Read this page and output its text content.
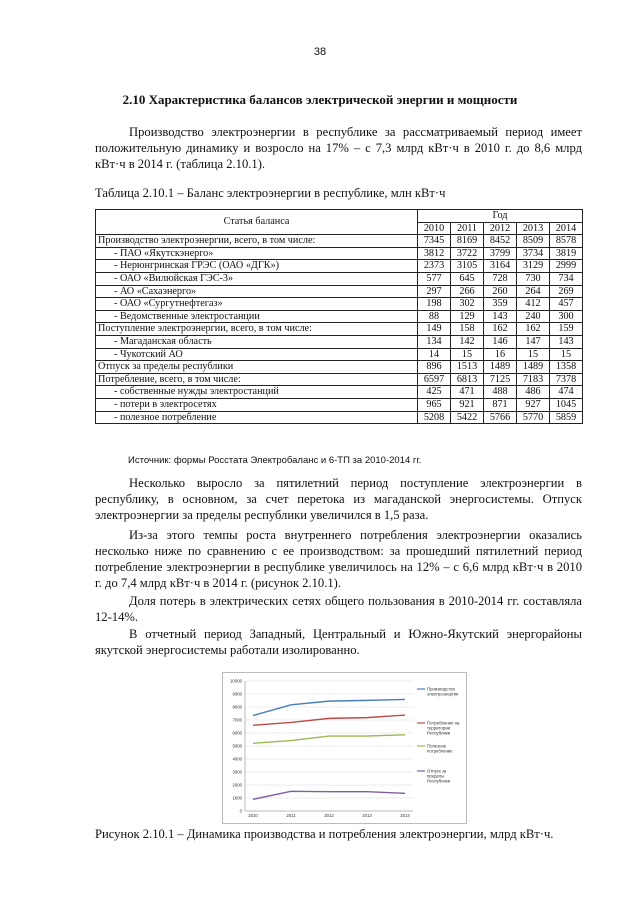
38
2.10 Характеристика балансов электрической энергии и мощности
Производство электроэнергии в республике за рассматриваемый период имеет положительную динамику и возросло на 17% – с 7,3 млрд кВт·ч в 2010 г. до 8,6 млрд кВт·ч в 2014 г. (таблица 2.10.1).
Таблица 2.10.1 – Баланс электроэнергии в республике, млн кВт·ч
Статья баланса	Год				
	2010	2011	2012	2013	2014
Производство электроэнергии, всего, в том числе:	7345	8169	8452	8509	8578
- ПАО «Якутскэнерго»	3812	3722	3799	3734	3819
- Нерюнгринская ГРЭС (ОАО «ДГК»)	2373	3105	3164	3129	2999
- ОАО «Вилюйская ГЭС-3»	577	645	728	730	734
- АО «Сахаэнерго»	297	266	260	264	269
- ОАО «Сургутнефтегаз»	198	302	359	412	457
- Ведомственные электростанции	88	129	143	240	300
Поступление электроэнергии, всего, в том числе:	149	158	162	162	159
- Магаданская область	134	142	146	147	143
- Чукотский АО	14	15	16	15	15
Отпуск за пределы республики	896	1513	1489	1489	1358
Потребление, всего, в том числе:	6597	6813	7125	7183	7378
- собственные нужды электростанций	425	471	488	486	474
- потери в электросетях	965	921	871	927	1045
- полезное потребление	5208	5422	5766	5770	5859
Источник: формы Росстата Электробаланс и 6-ТП за 2010-2014 гг.
Несколько выросло за пятилетний период поступление электроэнергии в республику, в основном, за счет перетока из магаданской энергосистемы. Отпуск электроэнергии за пределы республики увеличился в 1,5 раза.
Из-за этого темпы роста внутреннего потребления электроэнергии оказались несколько ниже по сравнению с ее производством: за прошедший пятилетний период потребление электроэнергии в республике увеличилось на 12% – с 6,6 млрд кВт·ч в 2010 г. до 7,4 млрд кВт·ч в 2014 г. (рисунок 2.10.1).
Доля потерь в электрических сетях общего пользования в 2010-2014 гг. составляла 12-14%.
В отчетный период Западный, Центральный и Южно-Якутский энергорайоны якутской энергосистемы работали изолированно.
0
1000
2000
3000
4000
5000
6000
7000
8000
9000
10000
2010	2011	2012	2013	2014
Производство электроэнергии
Потребление на территории Республики
Полезное потребление
Отпуск за пределы Республики
Рисунок 2.10.1 – Динамика производства и потребления электроэнергии, млрд кВт·ч.
